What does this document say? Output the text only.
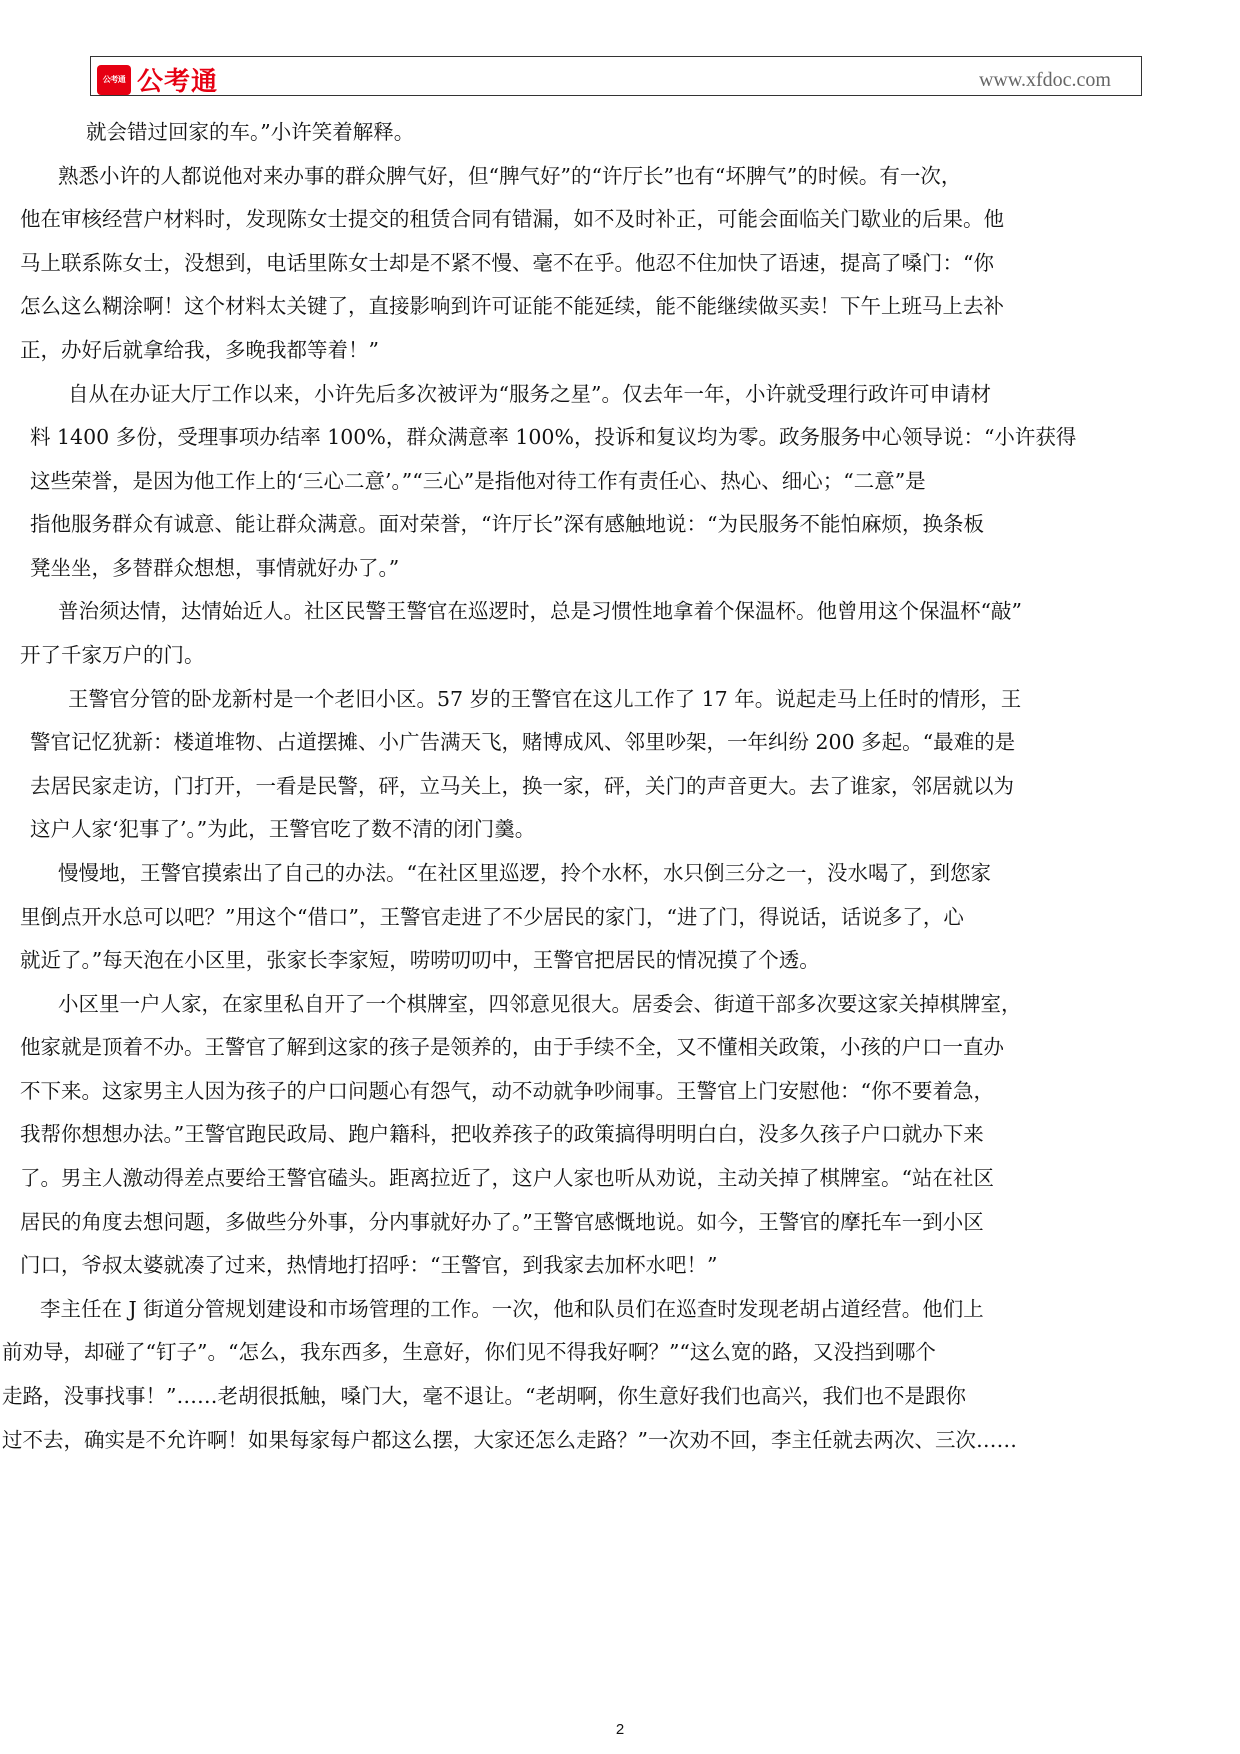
公考通 公考通	www.xfdoc.com
就会错过回家的车。”小许笑着解释。
熟悉小许的人都说他对来办事的群众脾气好，但“脾气好”的“许厅长”也有“坏脾气”的时候。有一次，
他在审核经营户材料时，发现陈女士提交的租赁合同有错漏，如不及时补正，可能会面临关门歇业的后果。他
马上联系陈女士，没想到，电话里陈女士却是不紧不慢、毫不在乎。他忍不住加快了语速，提高了嗓门：“你
怎么这么糊涂啊！这个材料太关键了，直接影响到许可证能不能延续，能不能继续做买卖！下午上班马上去补
正，办好后就拿给我，多晚我都等着！”
自从在办证大厅工作以来，小许先后多次被评为“服务之星”。仅去年一年，小许就受理行政许可申请材
料 1400 多份，受理事项办结率 100%，群众满意率 100%，投诉和复议均为零。政务服务中心领导说：“小许获得
这些荣誉，是因为他工作上的‘三心二意’。”“三心”是指他对待工作有责任心、热心、细心；“二意”是
指他服务群众有诚意、能让群众满意。面对荣誉，“许厅长”深有感触地说：“为民服务不能怕麻烦，换条板
凳坐坐，多替群众想想，事情就好办了。”
普治须达情，达情始近人。社区民警王警官在巡逻时，总是习惯性地拿着个保温杯。他曾用这个保温杯“敲”
开了千家万户的门。
王警官分管的卧龙新村是一个老旧小区。57 岁的王警官在这儿工作了 17 年。说起走马上任时的情形，王
警官记忆犹新：楼道堆物、占道摆摊、小广告满天飞，赌博成风、邻里吵架，一年纠纷 200 多起。“最难的是
去居民家走访，门打开，一看是民警，砰，立马关上，换一家，砰，关门的声音更大。去了谁家，邻居就以为
这户人家‘犯事了’。”为此，王警官吃了数不清的闭门羹。
慢慢地，王警官摸索出了自己的办法。“在社区里巡逻，拎个水杯，水只倒三分之一，没水喝了，到您家
里倒点开水总可以吧？”用这个“借口”，王警官走进了不少居民的家门，“进了门，得说话，话说多了，心
就近了。”每天泡在小区里，张家长李家短，唠唠叨叨中，王警官把居民的情况摸了个透。
小区里一户人家，在家里私自开了一个棋牌室，四邻意见很大。居委会、街道干部多次要这家关掉棋牌室，
他家就是顶着不办。王警官了解到这家的孩子是领养的，由于手续不全，又不懂相关政策，小孩的户口一直办
不下来。这家男主人因为孩子的户口问题心有怨气，动不动就争吵闹事。王警官上门安慰他：“你不要着急，
我帮你想想办法。”王警官跑民政局、跑户籍科，把收养孩子的政策搞得明明白白，没多久孩子户口就办下来
了。男主人激动得差点要给王警官磕头。距离拉近了，这户人家也听从劝说，主动关掉了棋牌室。“站在社区
居民的角度去想问题，多做些分外事，分内事就好办了。”王警官感慨地说。如今，王警官的摩托车一到小区
门口，爷叔太婆就凑了过来，热情地打招呼：“王警官，到我家去加杯水吧！”
李主任在 J 街道分管规划建设和市场管理的工作。一次，他和队员们在巡查时发现老胡占道经营。他们上
前劝导，却碰了“钉子”。“怎么，我东西多，生意好，你们见不得我好啊？”“这么宽的路，又没挡到哪个
走路，没事找事！”……老胡很抵触，嗓门大，毫不退让。“老胡啊，你生意好我们也高兴，我们也不是跟你
过不去，确实是不允许啊！如果每家每户都这么摆，大家还怎么走路？”一次劝不回，李主任就去两次、三次……
2
